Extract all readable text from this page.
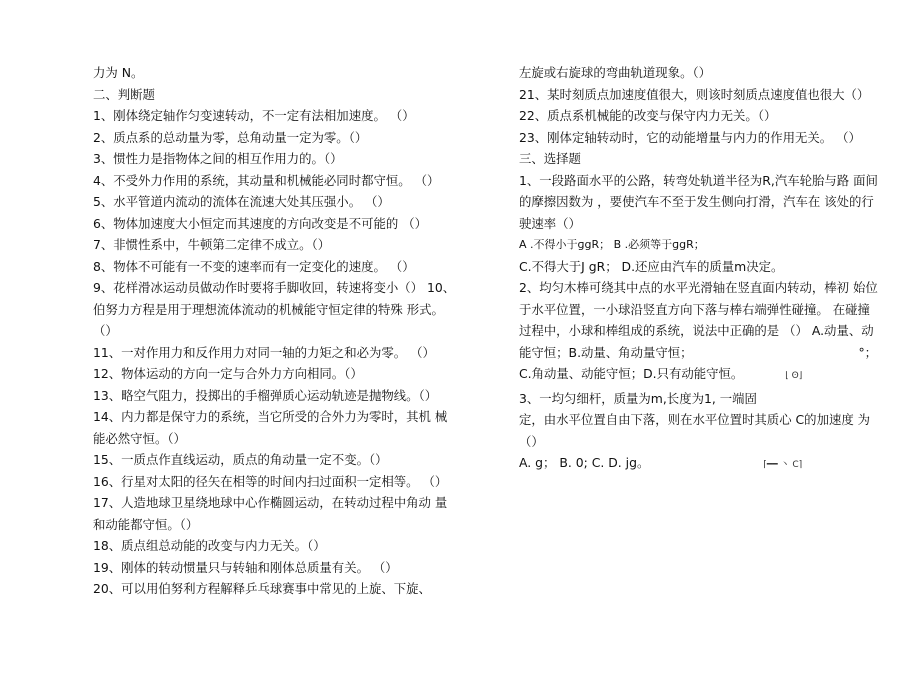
力为 N。
二、判断题
1、刚体绕定轴作匀变速转动，不一定有法相加速度。 （）
2、质点系的总动量为零，总角动量一定为零。（）
3、惯性力是指物体之间的相互作用力的。（）
4、不受外力作用的系统，其动量和机械能必同时都守恒。 （）
5、水平管道内流动的流体在流速大处其压强小。 （）
6、物体加速度大小恒定而其速度的方向改变是不可能的 （）
7、非惯性系中，牛顿第二定律不成立。（）
8、物体不可能有一不变的速率而有一定变化的速度。 （）
9、花样滑冰运动员做动作时要将手脚收回，转速将变小（） 10、
伯努力方程是用于理想流体流动的机械能守恒定律的特殊 形式。
（）
11、一对作用力和反作用力对同一轴的力矩之和必为零。 （）
12、物体运动的方向一定与合外力方向相同。（）
13、略空气阻力，投掷出的手榴弹质心运动轨迹是抛物线。（）
14、内力都是保守力的系统，当它所受的合外力为零时，其机 械
能必然守恒。（）
15、一质点作直线运动，质点的角动量一定不变。（）
16、行星对太阳的径矢在相等的时间内扫过面积一定相等。 （）
17、人造地球卫星绕地球中心作椭圆运动，在转动过程中角动 量
和动能都守恒。（）
18、质点组总动能的改变与内力无关。（）
19、刚体的转动惯量只与转轴和刚体总质量有关。 （）
20、可以用伯努利方程解释乒乓球赛事中常见的上旋、下旋、
左旋或右旋球的弯曲轨道现象。（）
21、某时刻质点加速度值很大，则该时刻质点速度值也很大（）
22、质点系机械能的改变与保守内力无关。（）
23、刚体定轴转动时，它的动能增量与内力的作用无关。 （）
三、选择题
1、一段路面水平的公路，转弯处轨道半径为R,汽车轮胎与路 面间
的摩擦因数为 ，要使汽车不至于发生侧向打滑，汽车在 该处的行
驶速率（）
A .不得小于ɡgR； B .必须等于ɡgR；
C.不得大于J gR； D.还应由汽车的质量m决定。
2、均匀木棒可绕其中点的水平光滑轴在竖直面内转动，棒初 始位
于水平位置，一小球沿竖直方向下落与棒右端弹性碰撞。 在碰撞
过程中，小球和棒组成的系统，说法中正确的是 （） A.动量、动
能守恒；B.动量、角动量守恒；	°；
C.角动量、动能守恒；D.只有动能守恒。	⌊ ʘ⌋
3、一均匀细杆，质量为m,长度为1, 一端固
定，由水平位置自由下落，则在水平位置时其质心 C的加速度 为
（）
A. g； B. 0; C. D. jg。	⌈━━ 丶 C⌉
